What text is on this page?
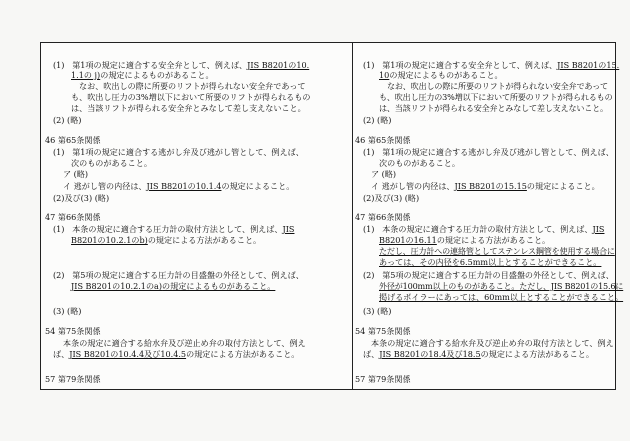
(1) 第1項の規定に適合する安全弁として、例えば、JIS B8201の10.
1.1の j)の規定によるものがあること。
なお、吹出しの際に所要のリフトが得られない安全弁であって
も、吹出し圧力の3%増以下において所要のリフトが得られるもの
は、当該リフトが得られる安全弁とみなして差し支えないこと。
(2) (略)
46 第65条関係
(1) 第1項の規定に適合する逃がし弁及び逃がし管として、例えば、
次のものがあること。
ア (略)
イ 逃がし管の内径は、JIS B8201の10.1.4の規定によること。
(2)及び(3) (略)
47 第66条関係
(1) 本条の規定に適合する圧力計の取付方法として、例えば、JIS
B8201の10.2.1のb)の規定による方法があること。
(2) 第5項の規定に適合する圧力計の目盛盤の外径として、例えば、
JIS B8201の10.2.1のa)の規定によるものがあること。
(3) (略)
54 第75条関係
本条の規定に適合する給水弁及び逆止め弁の取付方法として、例え
ば、JIS B8201の10.4.4及び10.4.5の規定による方法があること。
57 第79条関係
(1) 第1項の規定に適合する安全弁として、例えば、JIS B8201の15.
10の規定によるものがあること。
なお、吹出しの際に所要のリフトが得られない安全弁であって
も、吹出し圧力の3%増以下において所要のリフトが得られるもの
は、当該リフトが得られる安全弁とみなして差し支えないこと。
(2) (略)
46 第65条関係
(1) 第1項の規定に適合する逃がし弁及び逃がし管として、例えば、
次のものがあること。
ア (略)
イ 逃がし管の内径は、JIS B8201の15.15の規定によること。
(2)及び(3) (略)
47 第66条関係
(1) 本条の規定に適合する圧力計の取付方法として、例えば、JIS
B8201の16.11の規定による方法があること。
ただし、圧力計への連絡管としてステンレス鋼管を使用する場合に
あっては、その内径を6.5mm以上とすることができること。
(2) 第5項の規定に適合する圧力計の目盛盤の外径として、例えば、
外径が100mm以上のものがあること。ただし、JIS B8201の15.6に
掲げるボイラーにあっては、60mm以上とすることができること。
(3) (略)
54 第75条関係
本条の規定に適合する給水弁及び逆止め弁の取付方法として、例え
ば、JIS B8201の18.4及び18.5の規定による方法があること。
57 第79条関係
